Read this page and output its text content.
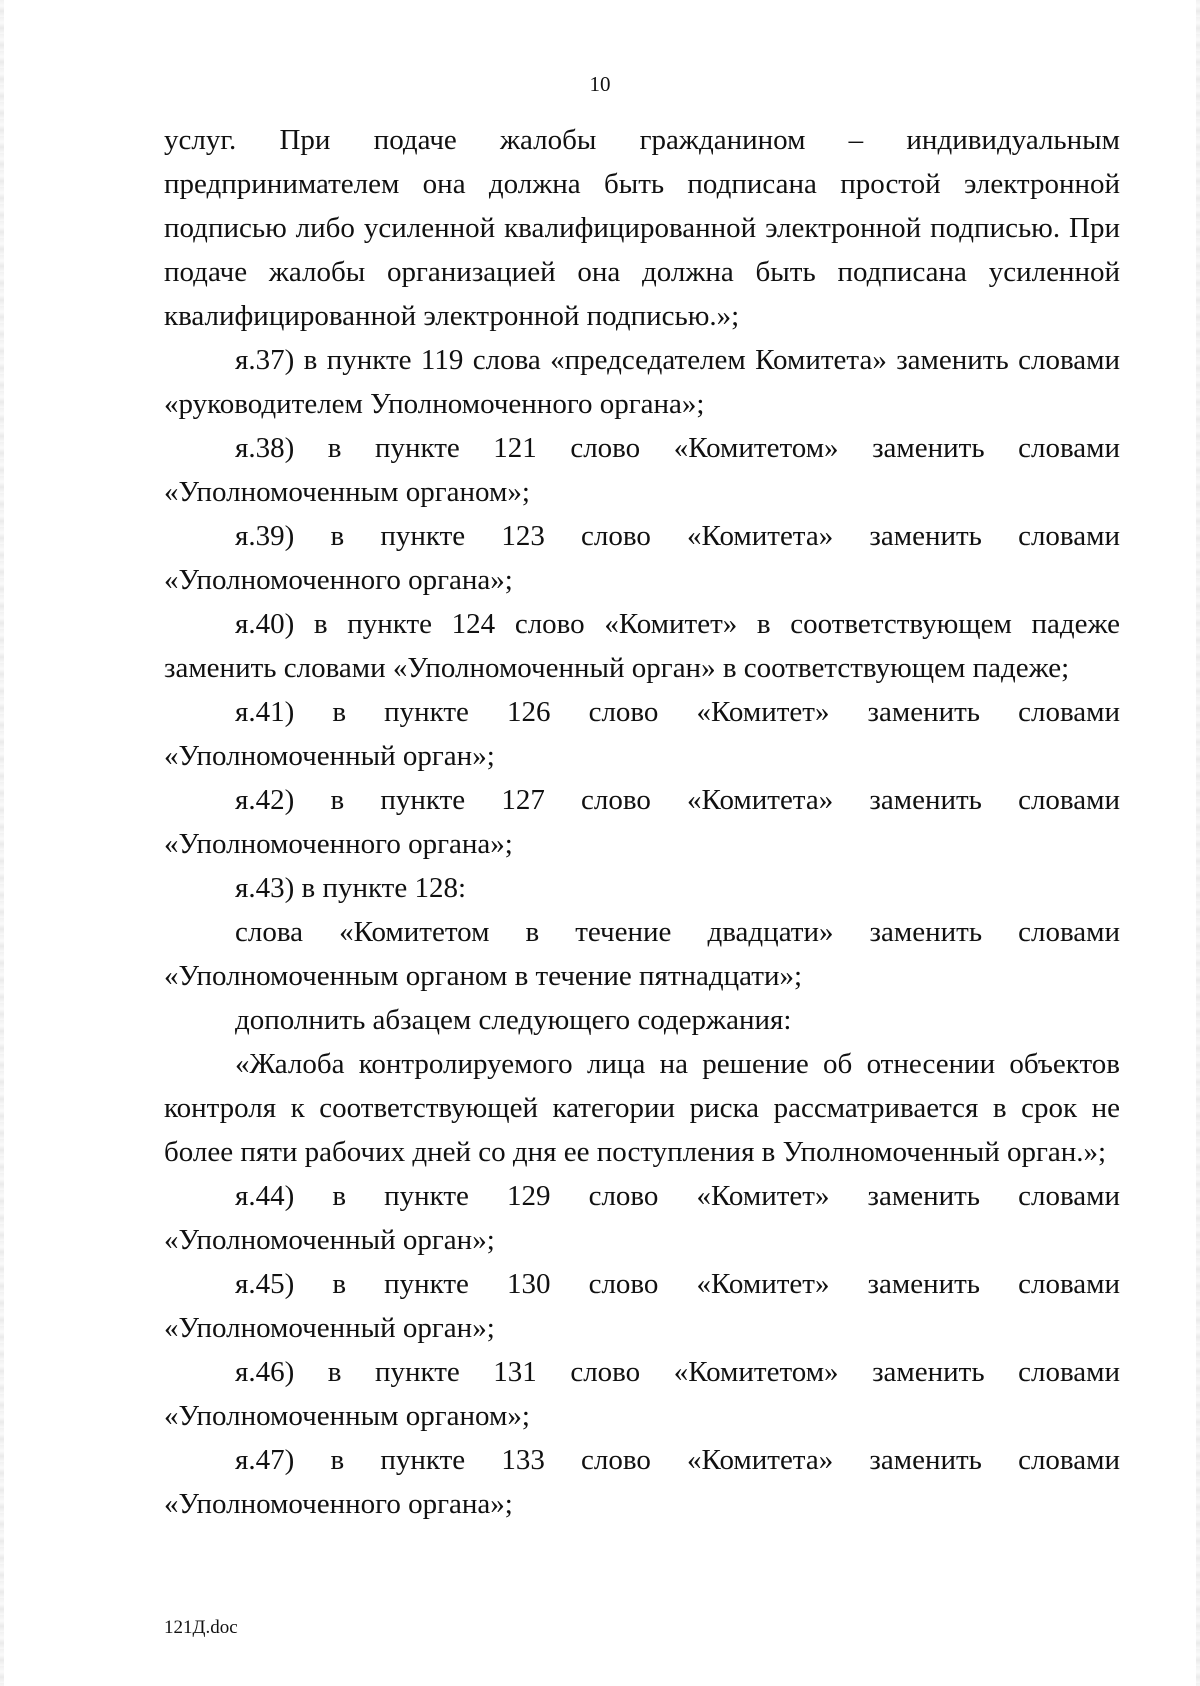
10

услуг. При подаче жалобы гражданином – индивидуальным предпринимателем она должна быть подписана простой электронной подписью либо усиленной квалифицированной электронной подписью. При подаче жалобы организацией она должна быть подписана усиленной квалифицированной электронной подписью.»;

я.37) в пункте 119 слова «председателем Комитета» заменить словами «руководителем Уполномоченного органа»;

я.38) в пункте 121 слово «Комитетом» заменить словами «Уполномоченным органом»;

я.39) в пункте 123 слово «Комитета» заменить словами «Уполномоченного органа»;

я.40) в пункте 124 слово «Комитет» в соответствующем падеже заменить словами «Уполномоченный орган» в соответствующем падеже;

я.41) в пункте 126 слово «Комитет» заменить словами «Уполномоченный орган»;

я.42) в пункте 127 слово «Комитета» заменить словами «Уполномоченного органа»;

я.43) в пункте 128:

слова «Комитетом в течение двадцати» заменить словами «Уполномоченным органом в течение пятнадцати»;

дополнить абзацем следующего содержания:

«Жалоба контролируемого лица на решение об отнесении объектов контроля к соответствующей категории риска рассматривается в срок не более пяти рабочих дней со дня ее поступления в Уполномоченный орган.»;

я.44) в пункте 129 слово «Комитет» заменить словами «Уполномоченный орган»;

я.45) в пункте 130 слово «Комитет» заменить словами «Уполномоченный орган»;

я.46) в пункте 131 слово «Комитетом» заменить словами «Уполномоченным органом»;

я.47) в пункте 133 слово «Комитета» заменить словами «Уполномоченного органа»;

121Д.doc
